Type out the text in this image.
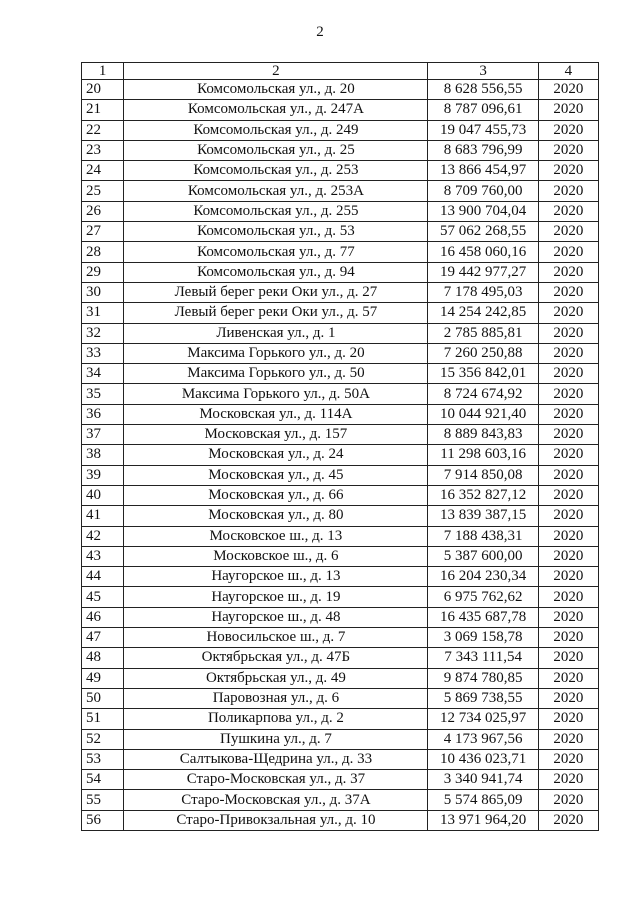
2
1	2	3	4
20	Комсомольская ул., д. 20	8 628 556,55	2020
21	Комсомольская ул., д. 247А	8 787 096,61	2020
22	Комсомольская ул., д. 249	19 047 455,73	2020
23	Комсомольская ул., д. 25	8 683 796,99	2020
24	Комсомольская ул., д. 253	13 866 454,97	2020
25	Комсомольская ул., д. 253А	8 709 760,00	2020
26	Комсомольская ул., д. 255	13 900 704,04	2020
27	Комсомольская ул., д. 53	57 062 268,55	2020
28	Комсомольская ул., д. 77	16 458 060,16	2020
29	Комсомольская ул., д. 94	19 442 977,27	2020
30	Левый берег реки Оки ул., д. 27	7 178 495,03	2020
31	Левый берег реки Оки ул., д. 57	14 254 242,85	2020
32	Ливенская ул., д. 1	2 785 885,81	2020
33	Максима Горького ул., д. 20	7 260 250,88	2020
34	Максима Горького ул., д. 50	15 356 842,01	2020
35	Максима Горького ул., д. 50А	8 724 674,92	2020
36	Московская ул., д. 114А	10 044 921,40	2020
37	Московская ул., д. 157	8 889 843,83	2020
38	Московская ул., д. 24	11 298 603,16	2020
39	Московская ул., д. 45	7 914 850,08	2020
40	Московская ул., д. 66	16 352 827,12	2020
41	Московская ул., д. 80	13 839 387,15	2020
42	Московское ш., д. 13	7 188 438,31	2020
43	Московское ш., д. 6	5 387 600,00	2020
44	Наугорское ш., д. 13	16 204 230,34	2020
45	Наугорское ш., д. 19	6 975 762,62	2020
46	Наугорское ш., д. 48	16 435 687,78	2020
47	Новосильское ш., д. 7	3 069 158,78	2020
48	Октябрьская ул., д. 47Б	7 343 111,54	2020
49	Октябрьская ул., д. 49	9 874 780,85	2020
50	Паровозная ул., д. 6	5 869 738,55	2020
51	Поликарпова ул., д. 2	12 734 025,97	2020
52	Пушкина ул., д. 7	4 173 967,56	2020
53	Салтыкова-Щедрина ул., д. 33	10 436 023,71	2020
54	Старо-Московская ул., д. 37	3 340 941,74	2020
55	Старо-Московская ул., д. 37А	5 574 865,09	2020
56	Старо-Привокзальная ул., д. 10	13 971 964,20	2020
